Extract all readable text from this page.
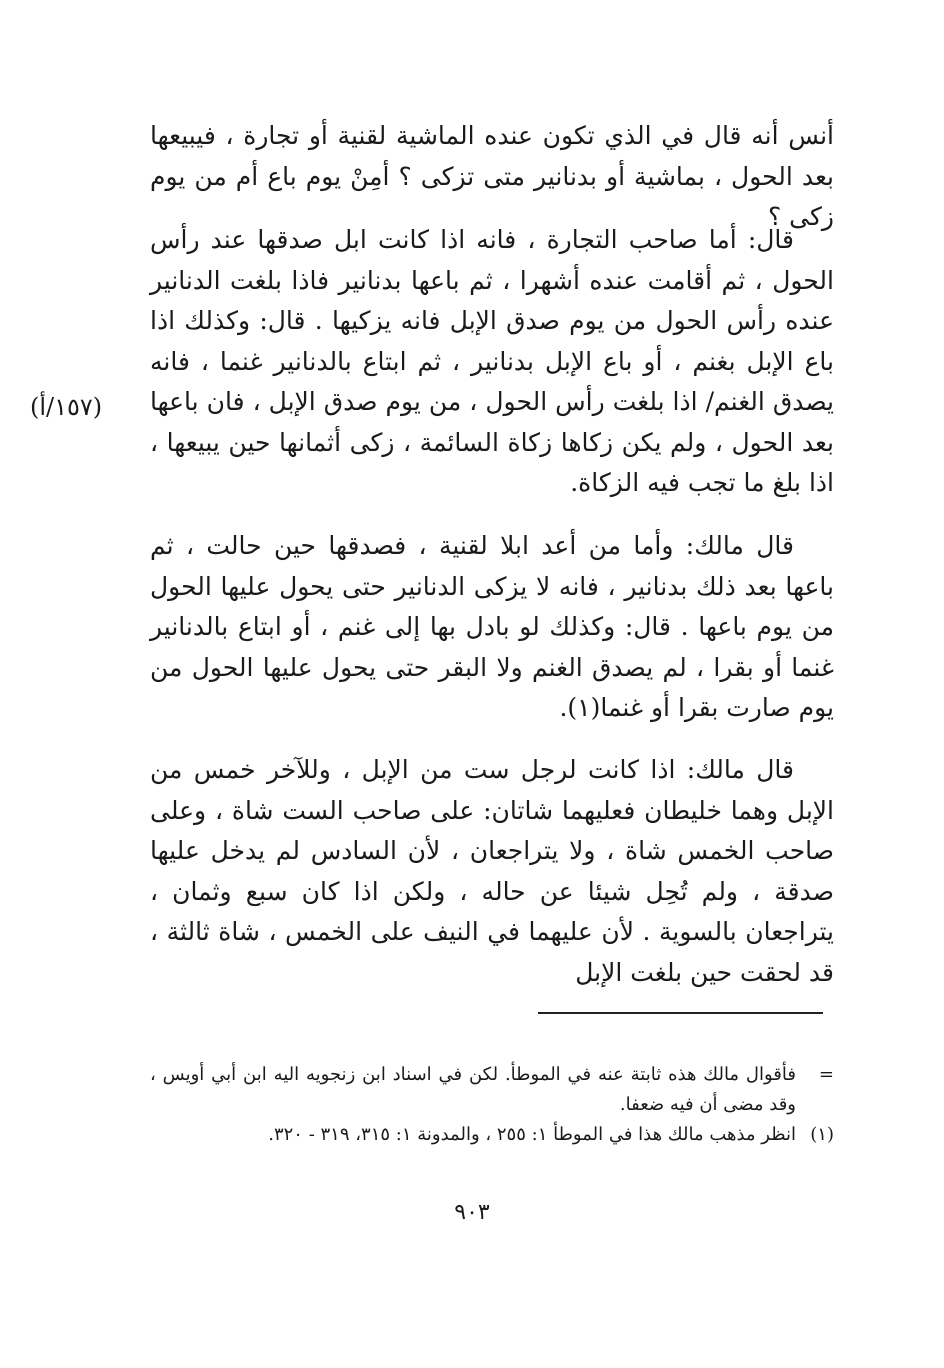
أنس أنه قال في الذي تكون عنده الماشية لقنية أو تجارة ، فيبيعها بعد الحول ، بماشية أو بدنانير متى تزكى ؟ أمِنْ يوم باع أم من يوم زكى ؟
قال: أما صاحب التجارة ، فانه اذا كانت ابل صدقها عند رأس الحول ، ثم أقامت عنده أشهرا ، ثم باعها بدنانير فاذا بلغت الدنانير عنده رأس الحول من يوم صدق الإبل فانه يزكيها . قال: وكذلك اذا باع الإبل بغنم ، أو باع الإبل بدنانير ، ثم ابتاع بالدنانير غنما ، فانه يصدق الغنم/ اذا بلغت رأس الحول ، من يوم صدق الإبل ، فان باعها بعد الحول ، ولم يكن زكاها زكاة السائمة ، زكى أثمانها حين يبيعها ، اذا بلغ ما تجب فيه الزكاة.
(١٥٧/أ)
قال مالك: وأما من أعد ابلا لقنية ، فصدقها حين حالت ، ثم باعها بعد ذلك بدنانير ، فانه لا يزكى الدنانير حتى يحول عليها الحول من يوم باعها . قال: وكذلك لو بادل بها إلى غنم ، أو ابتاع بالدنانير غنما أو بقرا ، لم يصدق الغنم ولا البقر حتى يحول عليها الحول من يوم صارت بقرا أو غنما(١).
قال مالك: اذا كانت لرجل ست من الإبل ، وللآخر خمس من الإبل وهما خليطان فعليهما شاتان: على صاحب الست شاة ، وعلى صاحب الخمس شاة ، ولا يتراجعان ، لأن السادس لم يدخل عليها صدقة ، ولم تُحِل شيئا عن حاله ، ولكن اذا كان سبع وثمان ، يتراجعان بالسوية . لأن عليهما في النيف على الخمس ، شاة ثالثة ، قد لحقت حين بلغت الإبل
=
فأقوال مالك هذه ثابتة عنه في الموطأ. لكن في اسناد ابن زنجويه اليه ابن أبي أويس ، وقد مضى أن فيه ضعفا.
(١)
انظر مذهب مالك هذا في الموطأ ١: ٢٥٥ ، والمدونة ١: ٣١٥، ٣١٩ - ٣٢٠.
٩٠٣
